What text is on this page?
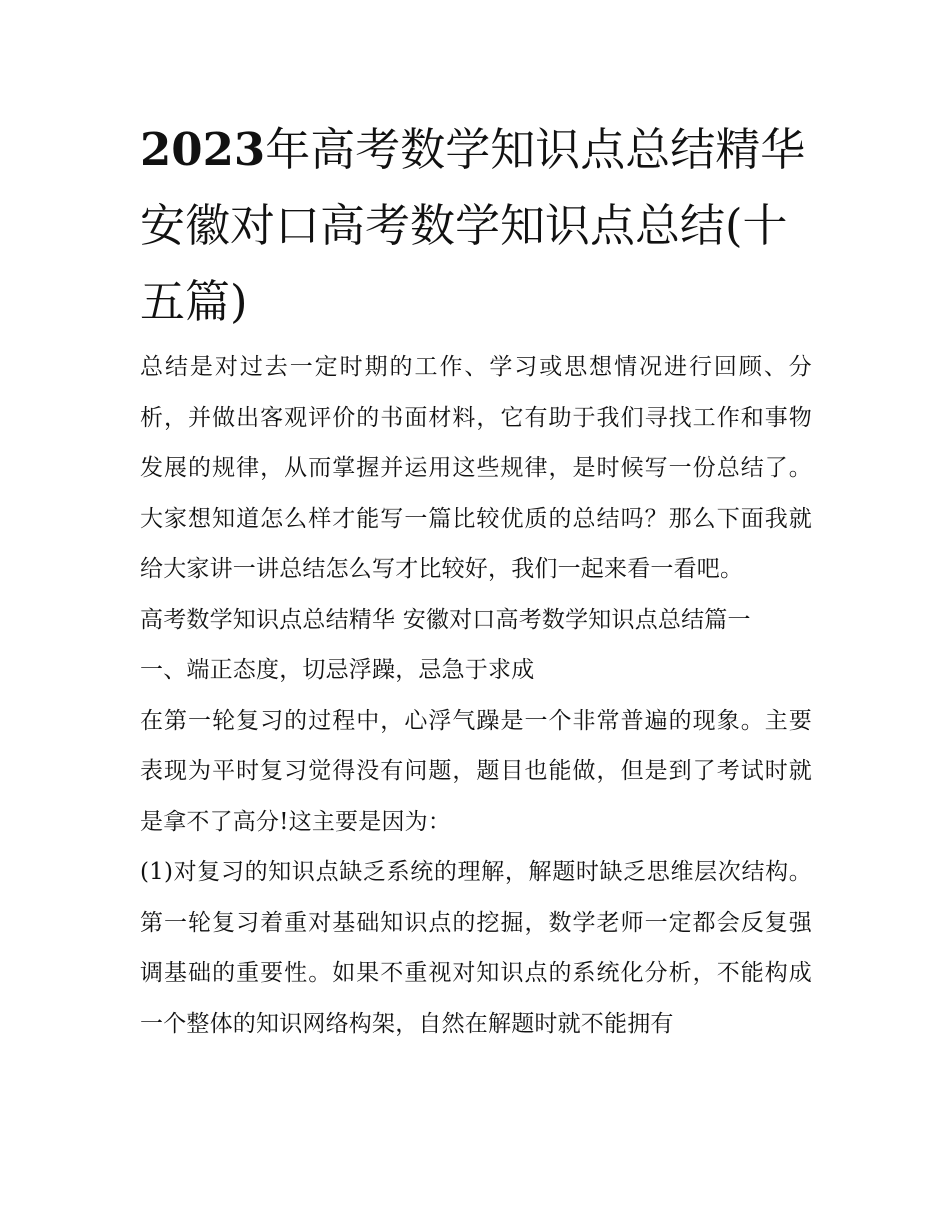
2023年高考数学知识点总结精华 安徽对口高考数学知识点总结(十五篇)

总结是对过去一定时期的工作、学习或思想情况进行回顾、分析，并做出客观评价的书面材料，它有助于我们寻找工作和事物发展的规律，从而掌握并运用这些规律，是时候写一份总结了。大家想知道怎么样才能写一篇比较优质的总结吗？那么下面我就给大家讲一讲总结怎么写才比较好，我们一起来看一看吧。

高考数学知识点总结精华 安徽对口高考数学知识点总结篇一

一、端正态度，切忌浮躁，忌急于求成

在第一轮复习的过程中，心浮气躁是一个非常普遍的现象。主要表现为平时复习觉得没有问题，题目也能做，但是到了考试时就是拿不了高分!这主要是因为：

(1)对复习的知识点缺乏系统的理解，解题时缺乏思维层次结构。第一轮复习着重对基础知识点的挖掘，数学老师一定都会反复强调基础的重要性。如果不重视对知识点的系统化分析，不能构成一个整体的知识网络构架，自然在解题时就不能拥有
